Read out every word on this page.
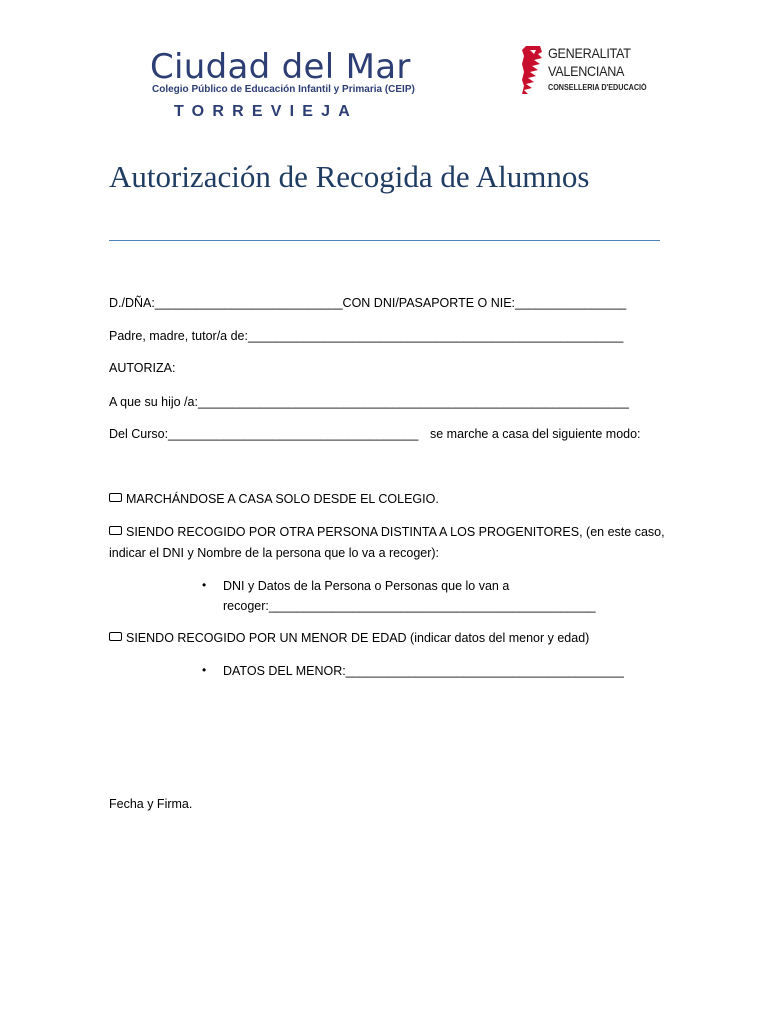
Ciudad del Mar
Colegio Público de Educación Infantil y Primaria (CEIP)
TORREVIEJA
GENERALITAT
VALENCIANA
CONSELLERIA D'EDUCACIÓ
Autorización de Recogida de Alumnos
D./DÑA:___________________________CON DNI/PASAPORTE O NIE:________________
Padre, madre, tutor/a de:______________________________________________________
AUTORIZA:
A que su hijo /a:______________________________________________________________
Del Curso:____________________________________ se marche a casa del siguiente modo:
MARCHÁNDOSE A CASA SOLO DESDE EL COLEGIO.
SIENDO RECOGIDO POR OTRA PERSONA DISTINTA A LOS PROGENITORES, (en este caso,
indicar el DNI y Nombre de la persona que lo va a recoger):
• DNI y Datos de la Persona o Personas que lo van a
recoger:_______________________________________________
SIENDO RECOGIDO POR UN MENOR DE EDAD (indicar datos del menor y edad)
• DATOS DEL MENOR:________________________________________
Fecha y Firma.
